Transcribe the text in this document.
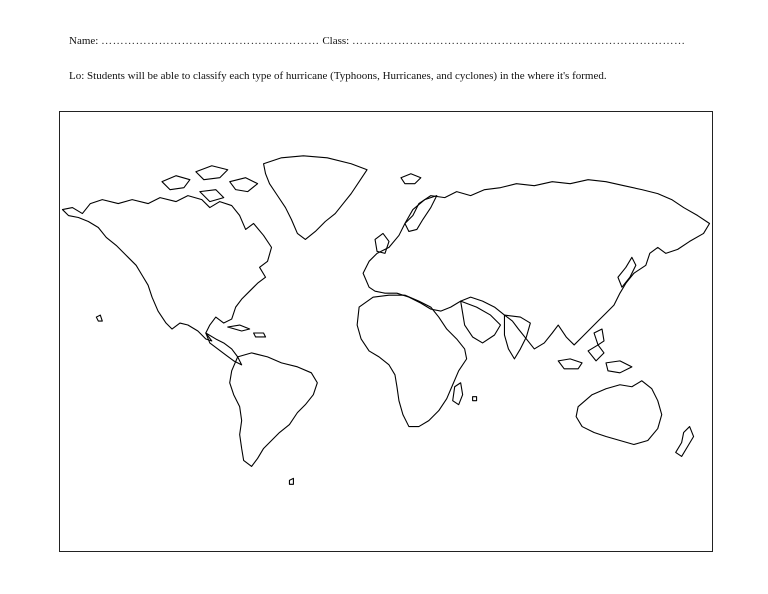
Name: ………………………………………………… Class: ……………………………………………………………………………
Lo: Students will be able to classify each type of hurricane (Typhoons, Hurricanes, and cyclones) in the where it's formed.
